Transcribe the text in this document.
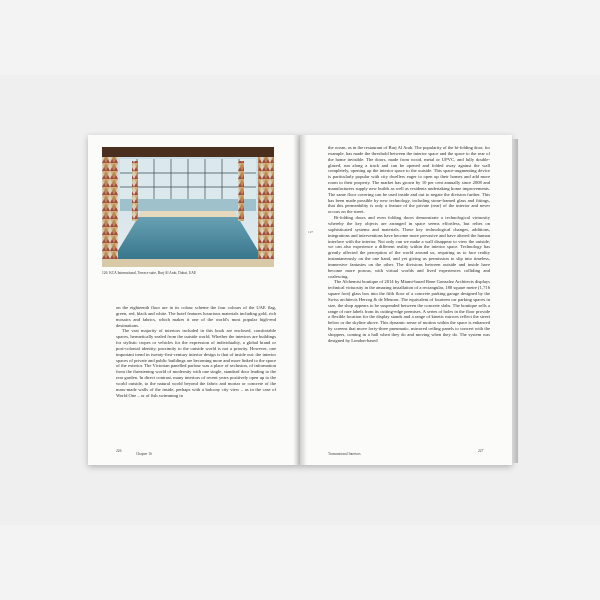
126. KCA International, Terrace suite, Burj Al Arab, Dubai, UAE

on the eighteenth floor are in its colour scheme the four colours of the UAE flag, green, red, black and white. The hotel features luxurious materials including gold, rich mosaics and fabrics, which makes it one of the world's most popular high-end destinations.

The vast majority of interiors included in this book are enclosed, comfortable spaces, hermetically sealed from the outside world. Whether the interiors are buildings for stylistic tropes or vehicles for the expression of individuality, a global brand or post-colonial identity, proximity to the outside world is not a priority. However, one important trend in twenty-first-century interior design is that of inside out: the interior spaces of private and public buildings are becoming more and more linked to the space of the exterior. The Victorian panelled parlour was a place of seclusion, of information from the threatening world of modernity with one single, standard door leading to the rear garden. In direct contrast, many interiors of recent years positively open up to the world outside, to the natural world beyond the fabric and mortar or concrete of the mass-made walls of the inside, perhaps with a balcony city view – as in the case of World One – or of fish swimming in

226
Chapter 16
127

the ocean, as in the restaurant of Burj Al Arab. The popularity of the bi-folding door, for example, has made the threshold between the interior space and the space to the rear of the home invisible. The doors, made from wood, metal or UPVC, and fully double-glazed, run along a track and can be opened and folded away against the wall completely, opening up the interior space to the outside. This space-augmenting device is particularly popular with city dwellers eager to open up their homes and add more room to their property. The market has grown by 10 per cent annually since 2008 and manufacturers supply new builds as well as residents undertaking home improvements. The same floor covering can be used inside and out to negate the division further. This has been made possible by new technology, including stone-framed glass and fittings, that this permeability is only a feature of the private (rear) of the interior and never occurs on the street.

Bi-folding doors and even folding doors demonstrate a technological virtuosity whereby the key objects are arranged in space seems effortless, but relies on sophisticated systems and materials. These key technological changes, additions, integrations and interventions have become more pervasive and have altered the human interface with the interior. Not only can we make a wall disappear to view the outside, we can also experience a different reality within the interior space. Technology has greatly affected the perception of the world around us, requiring us to face reality instantaneously on the one hand, and yet giving us permission to slip into timeless, immersive fantasies on the other. The divisions between outside and inside have become more porous, with virtual worlds and lived experiences colliding and coalescing.

The Alchemist boutique of 2014 by Miami-based Rene Gonzalez Architects displays technical virtuosity in the amazing installation of a rectangular, 180 square metre (1,716 square foot) glass box into the fifth floor of a concrete parking garage designed by the Swiss architects Herzog & de Meuron. The equivalent of fourteen car parking spaces in size, the shop appears to be suspended between the concrete slabs. The boutique sells a range of rare labels from its cutting-edge premises. A series of holes in the floor provide a flexible location for the display stands and a range of kinetic mirrors reflect the street below or the skyline above. This dynamic sense of motion within the space is enhanced by screens that move forty-three pneumatic, mirrored ceiling panels to concert with the shoppers, coming in a hall when they do and moving when they do. The system was designed by London-based

Transnational Interiors
227
